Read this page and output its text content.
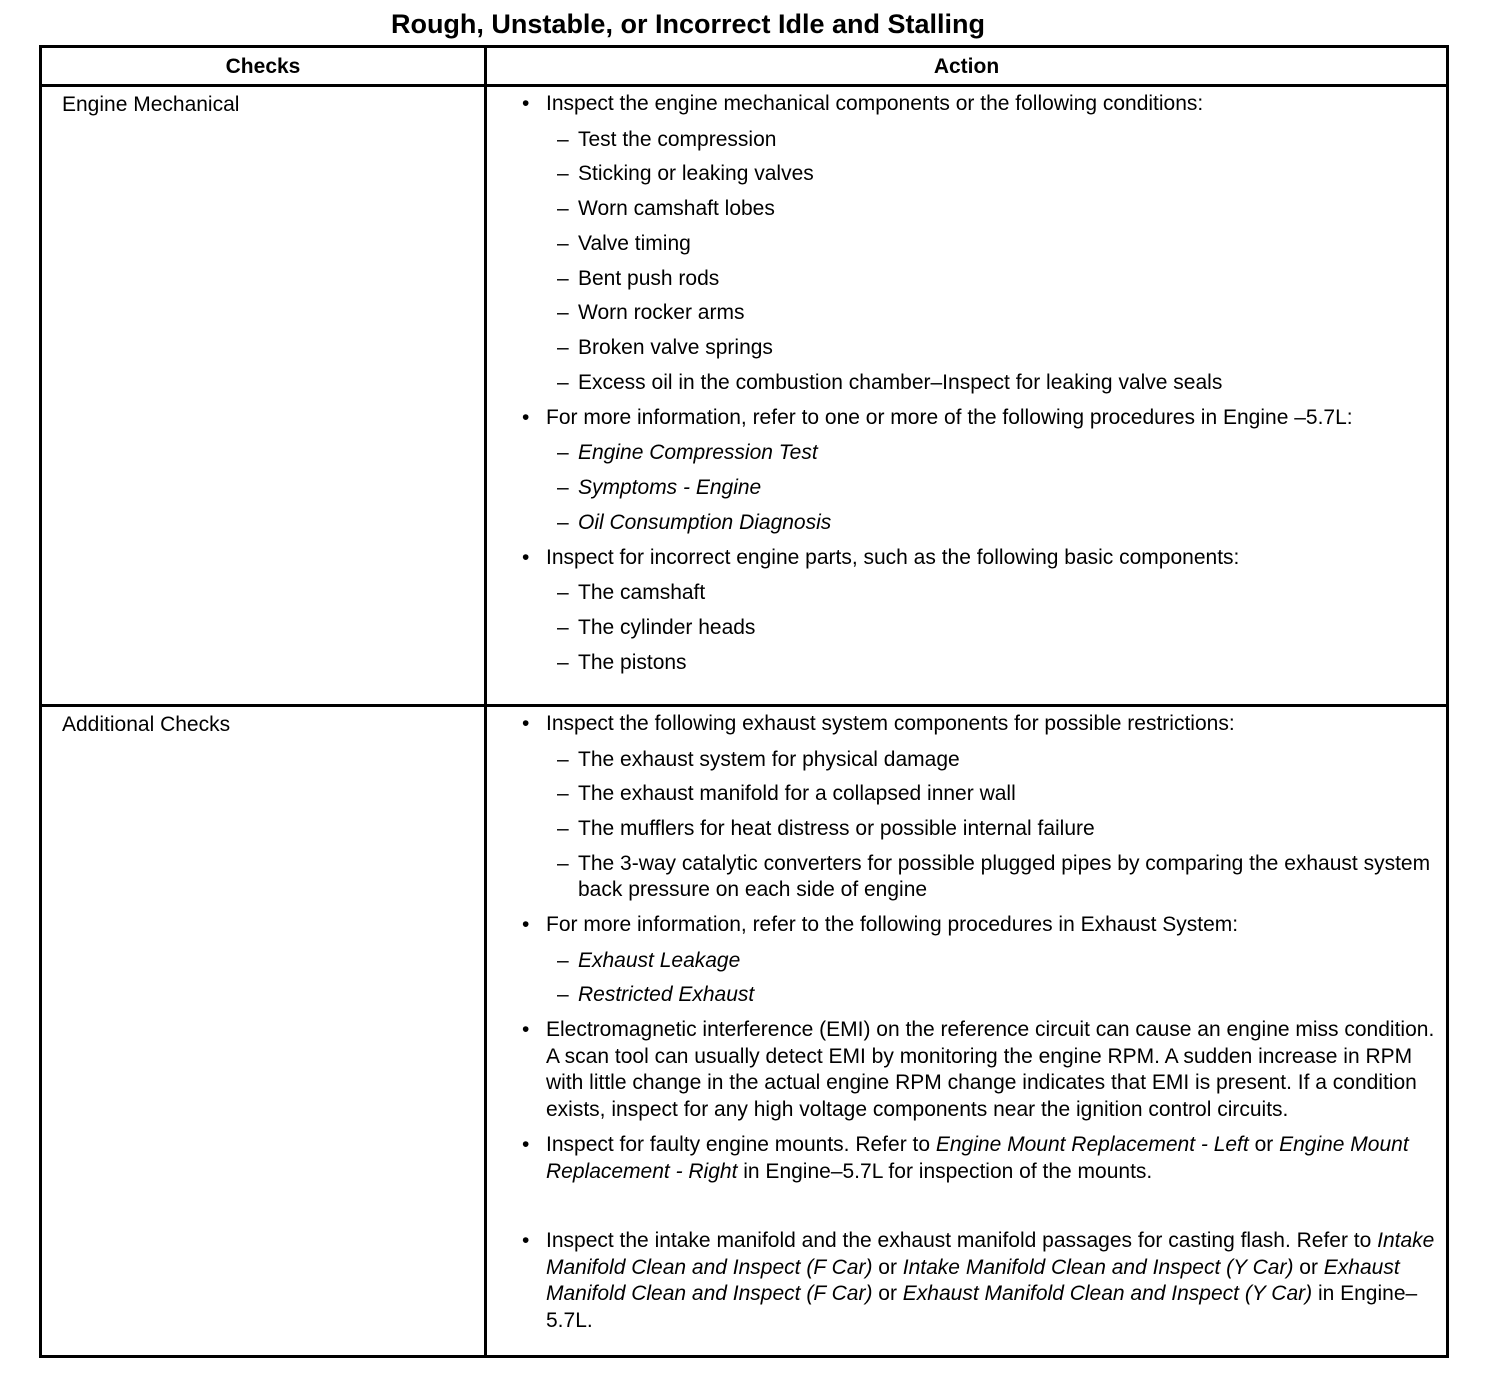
Rough, Unstable, or Incorrect Idle and Stalling
Checks	Action
Engine Mechanical	• Inspect the engine mechanical components or the following conditions:
– Test the compression
– Sticking or leaking valves
– Worn camshaft lobes
– Valve timing
– Bent push rods
– Worn rocker arms
– Broken valve springs
– Excess oil in the combustion chamber–Inspect for leaking valve seals
• For more information, refer to one or more of the following procedures in Engine –5.7L:
– Engine Compression Test
– Symptoms - Engine
– Oil Consumption Diagnosis
• Inspect for incorrect engine parts, such as the following basic components:
– The camshaft
– The cylinder heads
– The pistons
Additional Checks	• Inspect the following exhaust system components for possible restrictions:
– The exhaust system for physical damage
– The exhaust manifold for a collapsed inner wall
– The mufflers for heat distress or possible internal failure
– The 3-way catalytic converters for possible plugged pipes by comparing the exhaust system back pressure on each side of engine
• For more information, refer to the following procedures in Exhaust System:
– Exhaust Leakage
– Restricted Exhaust
• Electromagnetic interference (EMI) on the reference circuit can cause an engine miss condition. A scan tool can usually detect EMI by monitoring the engine RPM. A sudden increase in RPM with little change in the actual engine RPM change indicates that EMI is present. If a condition exists, inspect for any high voltage components near the ignition control circuits.
• Inspect for faulty engine mounts. Refer to Engine Mount Replacement - Left or Engine Mount Replacement - Right in Engine–5.7L for inspection of the mounts.
• Inspect the intake manifold and the exhaust manifold passages for casting flash. Refer to Intake Manifold Clean and Inspect (F Car) or Intake Manifold Clean and Inspect (Y Car) or Exhaust Manifold Clean and Inspect (F Car) or Exhaust Manifold Clean and Inspect (Y Car) in Engine–5.7L.
